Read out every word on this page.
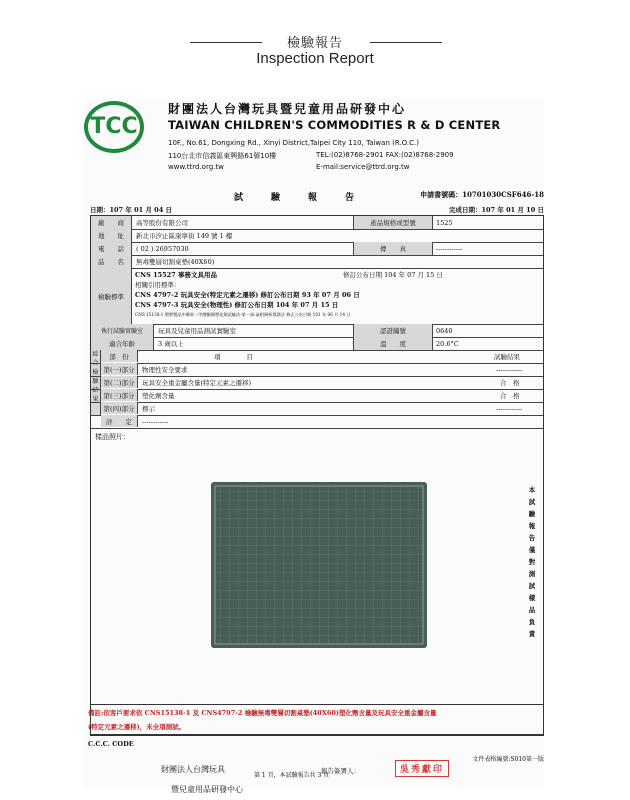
檢驗報告
Inspection Report
TCC
財團法人台灣玩具暨兒童用品研發中心
TAIWAN CHILDREN'S COMMODITIES R & D CENTER
10F., No.61, Dongxing Rd., Xinyi District,Taipei City 110, Taiwan (R.O.C.)
110台北市信義區東興路61號10樓	TEL:(02)8768-2901 FAX:(02)8768-2909
www.ttrd.org.tw	E-mail:service@ttrd.org.tw
試驗報告	申請書號碼：10701030CSF646-18
日期：107 年 01 月 04 日	完成日期：107 年 01 月 10 日
廠　　商	高等股份有限公司	產品規格或型號	1525
地　　址	新北市汐止區康寧街 149 號 1 樓
電　　話	( 02 ) 26957030	傳　　真	------------
品　　名	無毒雙層切割桌墊(40X60)
檢驗標準
CNS 15527 事務文具用品	修訂公布日期 104 年 07 月 15 日
相關引用標準：
CNS 4797-2 玩具安全(特定元素之遷移) 修訂公布日期 93 年 07 月 06 日
CNS 4797-3 玩具安全(物理性) 修訂公布日期 104 年 07 月 15 日
CNS 15138-1 塑膠製品中鄰苯二甲酸酯類塑化劑試驗法-第一部:氣相層析質譜法 修正公布日期 101 年 06 月 14 日
執行試驗實驗室	玩具及兒童用品測試實驗室	認證編號	0640
適合年齡	3 歲以上	溫　　度	20.6°C
綜合檢驗結果
部　份	項　　　　目	試驗結果
第(一)部分	物理性安全要求	------------
第(二)部分	玩具安全重金屬含量(特定元素之遷移)	合　格
第(三)部分	塑化劑含量	合　格
第(四)部分	標示	------------
評　　定	------------
樣品照片：
本試驗報告僅對測試樣品負責
財團法人台灣玩具
暨兒童用品研發中心
報告簽署人：	吳秀獻印
備註:依客戶要求依 CNS15138-1 及 CNS4797-2 檢驗無毒雙層切割桌墊(40X60)塑化劑含量及玩具安全重金屬含量
(特定元素之遷移)，未全項測試。
C.C.C. CODE
文件表格編號:S010第一版
第 1 頁，本試驗報告共 3 頁
